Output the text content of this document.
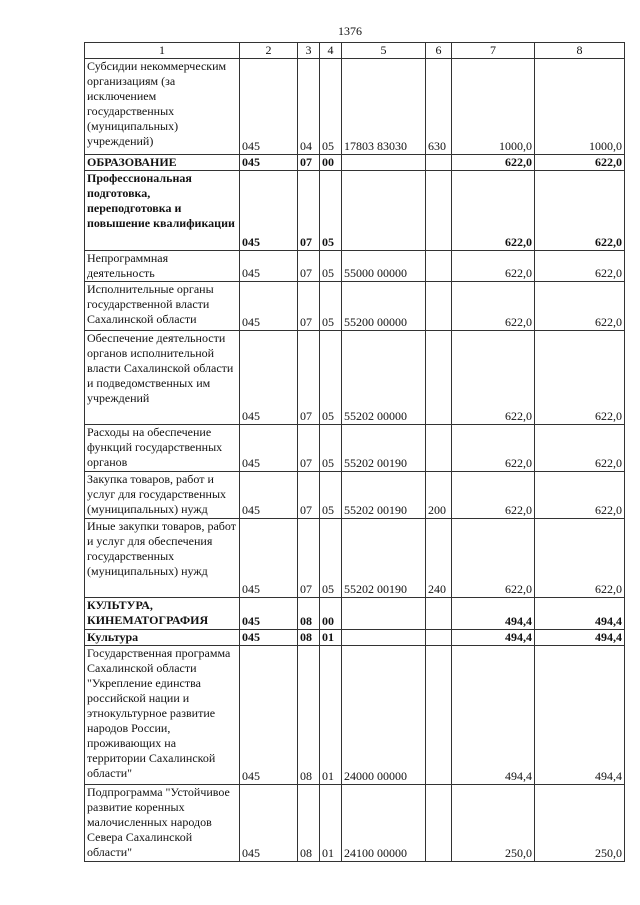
1376
1	2	3	4	5	6	7	8
Субсидии некоммерческим организациям (за исключением государственных (муниципальных) учреждений)	045	04	05	17803 83030	630	1000,0	1000,0
ОБРАЗОВАНИЕ	045	07	00			622,0	622,0
Профессиональная подготовка, переподготовка и повышение квалификации	045	07	05			622,0	622,0
Непрограммная деятельность	045	07	05	55000 00000		622,0	622,0
Исполнительные органы государственной власти Сахалинской области	045	07	05	55200 00000		622,0	622,0
Обеспечение деятельности органов исполнительной власти Сахалинской области и подведомственных им учреждений	045	07	05	55202 00000		622,0	622,0
Расходы на обеспечение функций государственных органов	045	07	05	55202 00190		622,0	622,0
Закупка товаров, работ и услуг для государственных (муниципальных) нужд	045	07	05	55202 00190	200	622,0	622,0
Иные закупки товаров, работ и услуг для обеспечения государственных (муниципальных) нужд	045	07	05	55202 00190	240	622,0	622,0
КУЛЬТУРА, КИНЕМАТОГРАФИЯ	045	08	00			494,4	494,4
Культура	045	08	01			494,4	494,4
Государственная программа Сахалинской области "Укрепление единства российской нации и этнокультурное развитие народов России, проживающих на территории Сахалинской области"	045	08	01	24000 00000		494,4	494,4
Подпрограмма "Устойчивое развитие коренных малочисленных народов Севера Сахалинской области"	045	08	01	24100 00000		250,0	250,0
